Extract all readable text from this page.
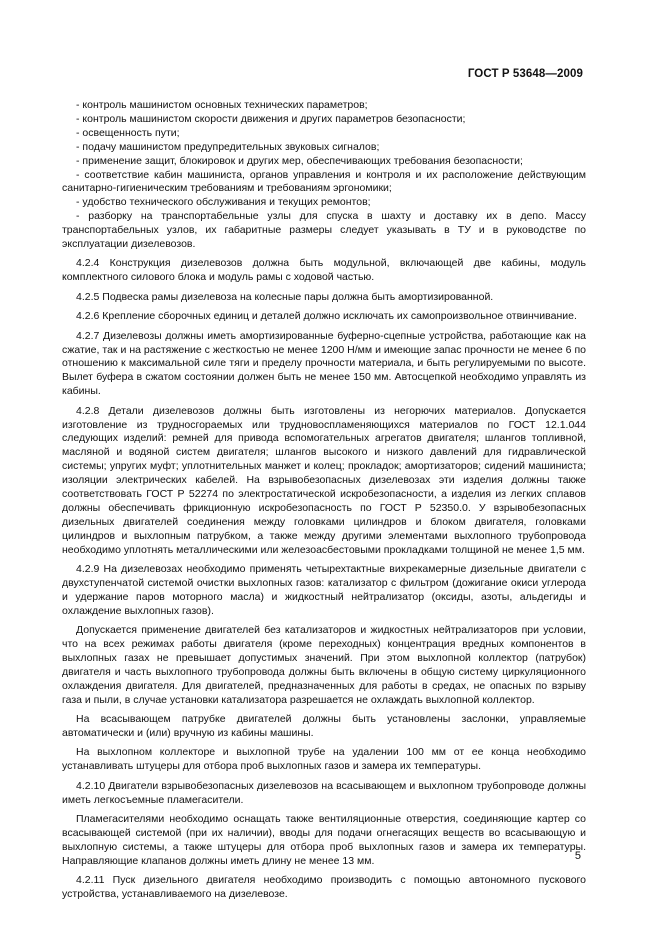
ГОСТ Р 53648—2009

- контроль машинистом основных технических параметров;

- контроль машинистом скорости движения и других параметров безопасности;

- освещенность пути;

- подачу машинистом предупредительных звуковых сигналов;

- применение защит, блокировок и других мер, обеспечивающих требования безопасности;

- соответствие кабин машиниста, органов управления и контроля и их расположение действующим санитарно-гигиеническим требованиям и требованиям эргономики;

- удобство технического обслуживания и текущих ремонтов;

- разборку на транспортабельные узлы для спуска в шахту и доставку их в депо. Массу транспортабельных узлов, их габаритные размеры следует указывать в ТУ и в руководстве по эксплуатации дизелевозов.

4.2.4 Конструкция дизелевозов должна быть модульной, включающей две кабины, модуль комплектного силового блока и модуль рамы с ходовой частью.

4.2.5 Подвеска рамы дизелевоза на колесные пары должна быть амортизированной.

4.2.6 Крепление сборочных единиц и деталей должно исключать их самопроизвольное отвинчивание.

4.2.7 Дизелевозы должны иметь амортизированные буферно-сцепные устройства, работающие как на сжатие, так и на растяжение с жесткостью не менее 1200 Н/мм и имеющие запас прочности не менее 6 по отношению к максимальной силе тяги и пределу прочности материала, и быть регулируемыми по высоте. Вылет буфера в сжатом состоянии должен быть не менее 150 мм. Автосцепкой необходимо управлять из кабины.

4.2.8 Детали дизелевозов должны быть изготовлены из негорючих материалов. Допускается изготовление из трудносгораемых или трудновоспламеняющихся материалов по ГОСТ 12.1.044 следующих изделий: ремней для привода вспомогательных агрегатов двигателя; шлангов топливной, масляной и водяной систем двигателя; шлангов высокого и низкого давлений для гидравлической системы; упругих муфт; уплотнительных манжет и колец; прокладок; амортизаторов; сидений машиниста; изоляции электрических кабелей. На взрывобезопасных дизелевозах эти изделия должны также соответствовать ГОСТ Р 52274 по электростатической искробезопасности, а изделия из легких сплавов должны обеспечивать фрикционную искробезопасность по ГОСТ Р 52350.0. У взрывобезопасных дизельных двигателей соединения между головками цилиндров и блоком двигателя, головками цилиндров и выхлопным патрубком, а также между другими элементами выхлопного трубопровода необходимо уплотнять металлическими или железоасбестовыми прокладками толщиной не менее 1,5 мм.

4.2.9 На дизелевозах необходимо применять четырехтактные вихрекамерные дизельные двигатели с двухступенчатой системой очистки выхлопных газов: катализатор с фильтром (дожигание окиси углерода и удержание паров моторного масла) и жидкостный нейтрализатор (оксиды, азоты, альдегиды и охлаждение выхлопных газов).

Допускается применение двигателей без катализаторов и жидкостных нейтрализаторов при условии, что на всех режимах работы двигателя (кроме переходных) концентрация вредных компонентов в выхлопных газах не превышает допустимых значений. При этом выхлопной коллектор (патрубок) двигателя и часть выхлопного трубопровода должны быть включены в общую систему циркуляционного охлаждения двигателя. Для двигателей, предназначенных для работы в средах, не опасных по взрыву газа и пыли, в случае установки катализатора разрешается не охлаждать выхлопной коллектор.

На всасывающем патрубке двигателей должны быть установлены заслонки, управляемые автоматически и (или) вручную из кабины машины.

На выхлопном коллекторе и выхлопной трубе на удалении 100 мм от ее конца необходимо устанавливать штуцеры для отбора проб выхлопных газов и замера их температуры.

4.2.10 Двигатели взрывобезопасных дизелевозов на всасывающем и выхлопном трубопроводе должны иметь легкосъемные пламегасители.

Пламегасителями необходимо оснащать также вентиляционные отверстия, соединяющие картер со всасывающей системой (при их наличии), вводы для подачи огнегасящих веществ во всасывающую и выхлопную системы, а также штуцеры для отбора проб выхлопных газов и замера их температуры. Направляющие клапанов должны иметь длину не менее 13 мм.

4.2.11 Пуск дизельного двигателя необходимо производить с помощью автономного пускового устройства, устанавливаемого на дизелевозе.

5
